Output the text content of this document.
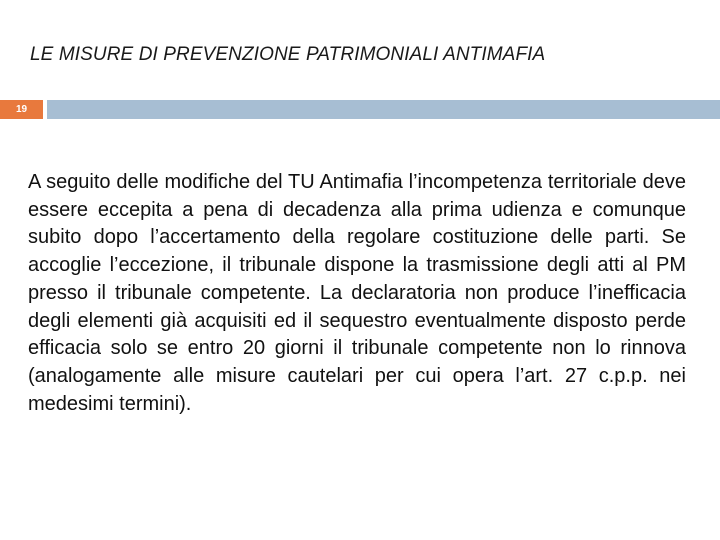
LE MISURE DI PREVENZIONE PATRIMONIALI ANTIMAFIA
19
A seguito delle modifiche del TU Antimafia l’incompetenza territoriale deve essere eccepita a pena di decadenza alla prima udienza e comunque subito dopo l’accertamento della regolare costituzione delle parti. Se accoglie l’eccezione, il tribunale dispone la trasmissione degli atti al PM presso il tribunale competente. La declaratoria non produce l’inefficacia degli elementi già acquisiti ed il sequestro eventualmente disposto perde efficacia solo se entro 20 giorni il tribunale competente non lo rinnova (analogamente alle misure cautelari per cui opera l’art. 27 c.p.p. nei medesimi termini).
